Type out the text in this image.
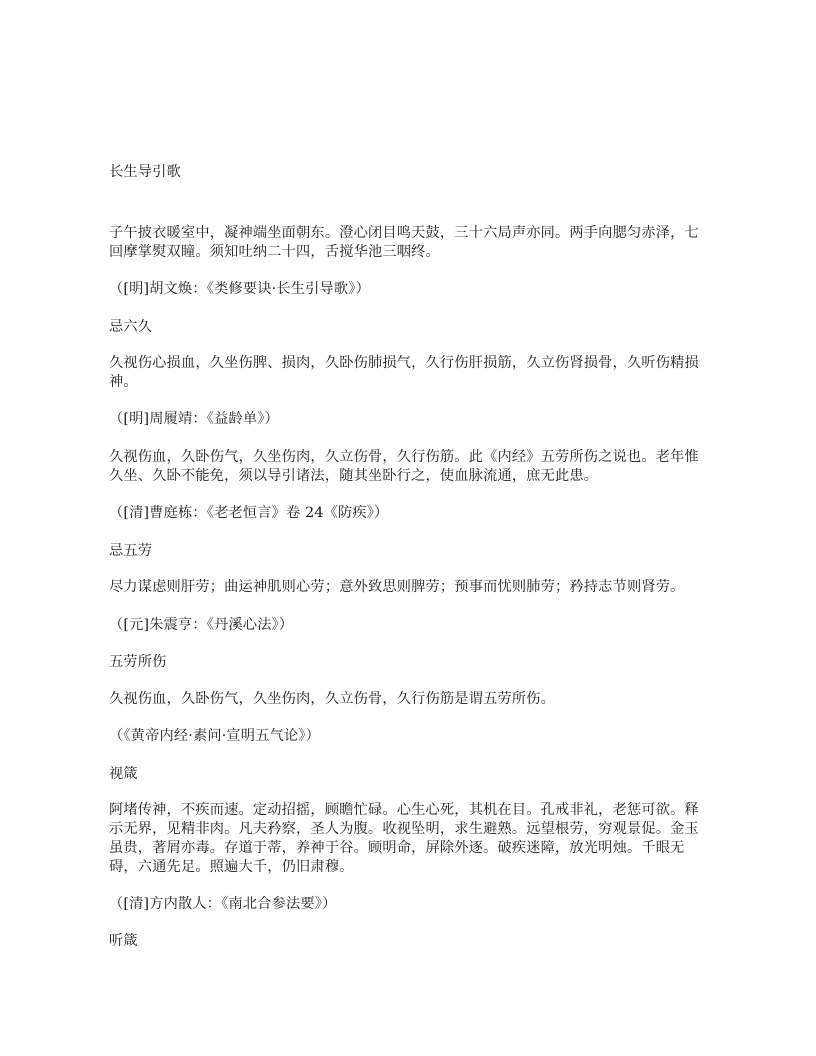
长生导引歌
子午披衣暖室中，凝神端坐面朝东。澄心闭目鸣天鼓，三十六局声亦同。两手向腮匀赤泽，七回摩掌熨双瞳。须知吐纳二十四，舌搅华池三咽终。
（[明]胡文焕：《类修要诀·长生引导歌》）
忌六久
久视伤心损血，久坐伤脾、损肉，久卧伤肺损气，久行伤肝损筋，久立伤肾损骨，久听伤精损神。
（[明]周履靖：《益龄单》）
久视伤血，久卧伤气，久坐伤肉，久立伤骨，久行伤筋。此《内经》五劳所伤之说也。老年惟久坐、久卧不能免，须以导引诸法，随其坐卧行之，使血脉流通，庶无此患。
（[清]曹庭栋：《老老恒言》卷 24《防疾》）
忌五劳
尽力谋虑则肝劳；曲运神肌则心劳；意外致思则脾劳；预事而忧则肺劳；矜持志节则肾劳。
（[元]朱震亨：《丹溪心法》）
五劳所伤
久视伤血，久卧伤气，久坐伤肉，久立伤骨，久行伤筋是谓五劳所伤。
（《黄帝内经·素问·宣明五气论》）
视箴
阿堵传神，不疾而速。定动招摇，顾瞻忙碌。心生心死，其机在目。孔戒非礼，老惩可欲。释示无界，见精非肉。凡夫矜察，圣人为腹。收视坠明，求生避熟。远望根劳，穷观景促。金玉虽贵，著屑亦毒。存道于蒂，养神于谷。顾明命，屏除外逐。破疾迷障，放光明烛。千眼无碍，六通先足。照遍大千，仍旧肃穆。
（[清]方内散人：《南北合参法要》）
听箴
